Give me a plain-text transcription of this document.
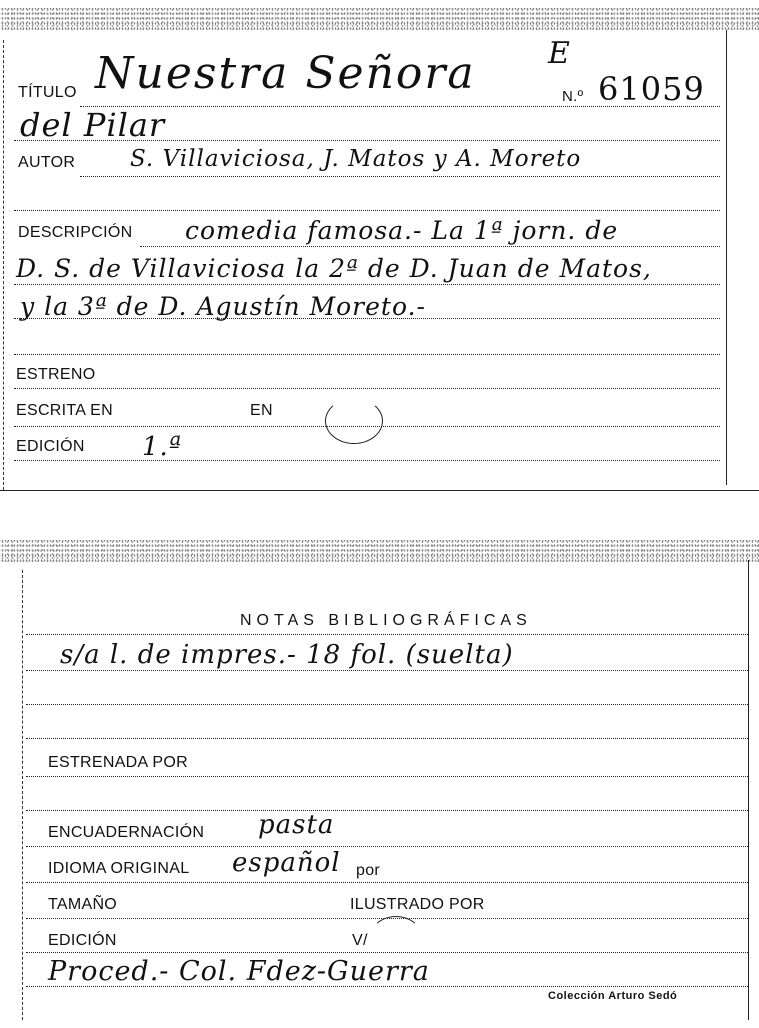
TÍTULO Nuestra Señora E
N.º 61059
del Pilar
AUTOR S. Villaviciosa, J. Matos y A. Moreto
DESCRIPCIÓN comedia famosa.- La 1ª jorn. de
D. S. de Villaviciosa la 2ª de D. Juan de Matos,
y la 3ª de D. Agustín Moreto.-
ESTRENO
ESCRITA EN	EN
EDICIÓN 1.ª
NOTAS BIBLIOGRÁFICAS
s/a l. de impres.- 18 fol. (suelta)
ESTRENADA POR
ENCUADERNACIÓN pasta
IDIOMA ORIGINAL español por
TAMAÑO	ILUSTRADO POR
EDICIÓN	V/
Proced.- Col. Fdez-Guerra
Colección Arturo Sedó
